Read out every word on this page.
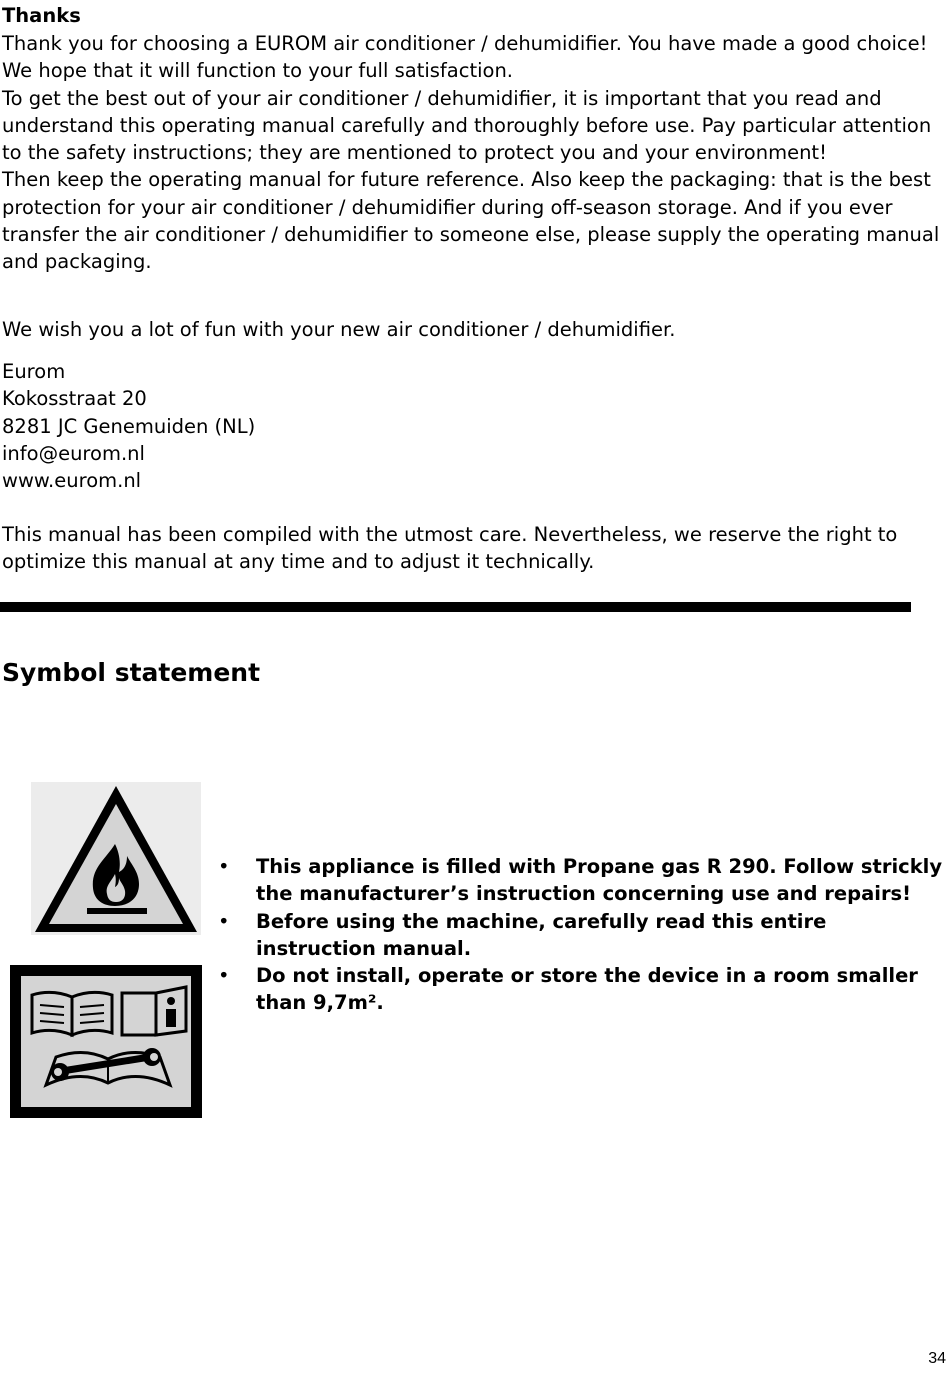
Thanks

Thank you for choosing a EUROM air conditioner / dehumidifier. You have made a good choice! We hope that it will function to your full satisfaction.

To get the best out of your air conditioner / dehumidifier, it is important that you read and understand this operating manual carefully and thoroughly before use. Pay particular attention to the safety instructions; they are mentioned to protect you and your environment!

Then keep the operating manual for future reference. Also keep the packaging: that is the best protection for your air conditioner / dehumidifier during off-season storage. And if you ever transfer the air conditioner / dehumidifier to someone else, please supply the operating manual and packaging.

We wish you a lot of fun with your new air conditioner / dehumidifier.

Eurom
Kokosstraat 20
8281 JC Genemuiden (NL)
info@eurom.nl
www.eurom.nl

This manual has been compiled with the utmost care. Nevertheless, we reserve the right to optimize this manual at any time and to adjust it technically.

Symbol statement
• This appliance is filled with Propane gas R 290. Follow strickly the manufacturer’s instruction concerning use and repairs!
• Before using the machine, carefully read this entire instruction manual.
• Do not install, operate or store the device in a room smaller than 9,7m².
34
